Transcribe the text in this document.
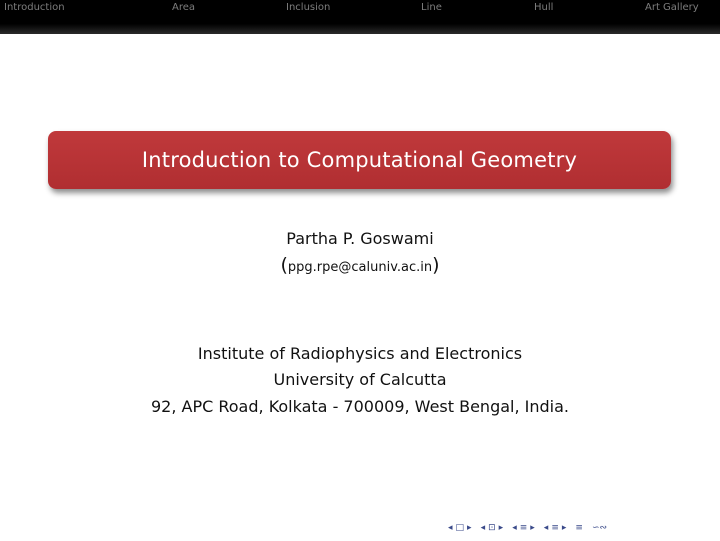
Introduction	Area	Inclusion	Line	Hull	Art Gallery
Introduction to Computational Geometry
Partha P. Goswami
(ppg.rpe@caluniv.ac.in)
Institute of Radiophysics and Electronics
University of Calcutta
92, APC Road, Kolkata - 700009, West Bengal, India.
◂ □ ▸ ◂ ⊡ ▸ ◂ ≡ ▸ ◂ ≡ ▸ ≡ ∽∾
